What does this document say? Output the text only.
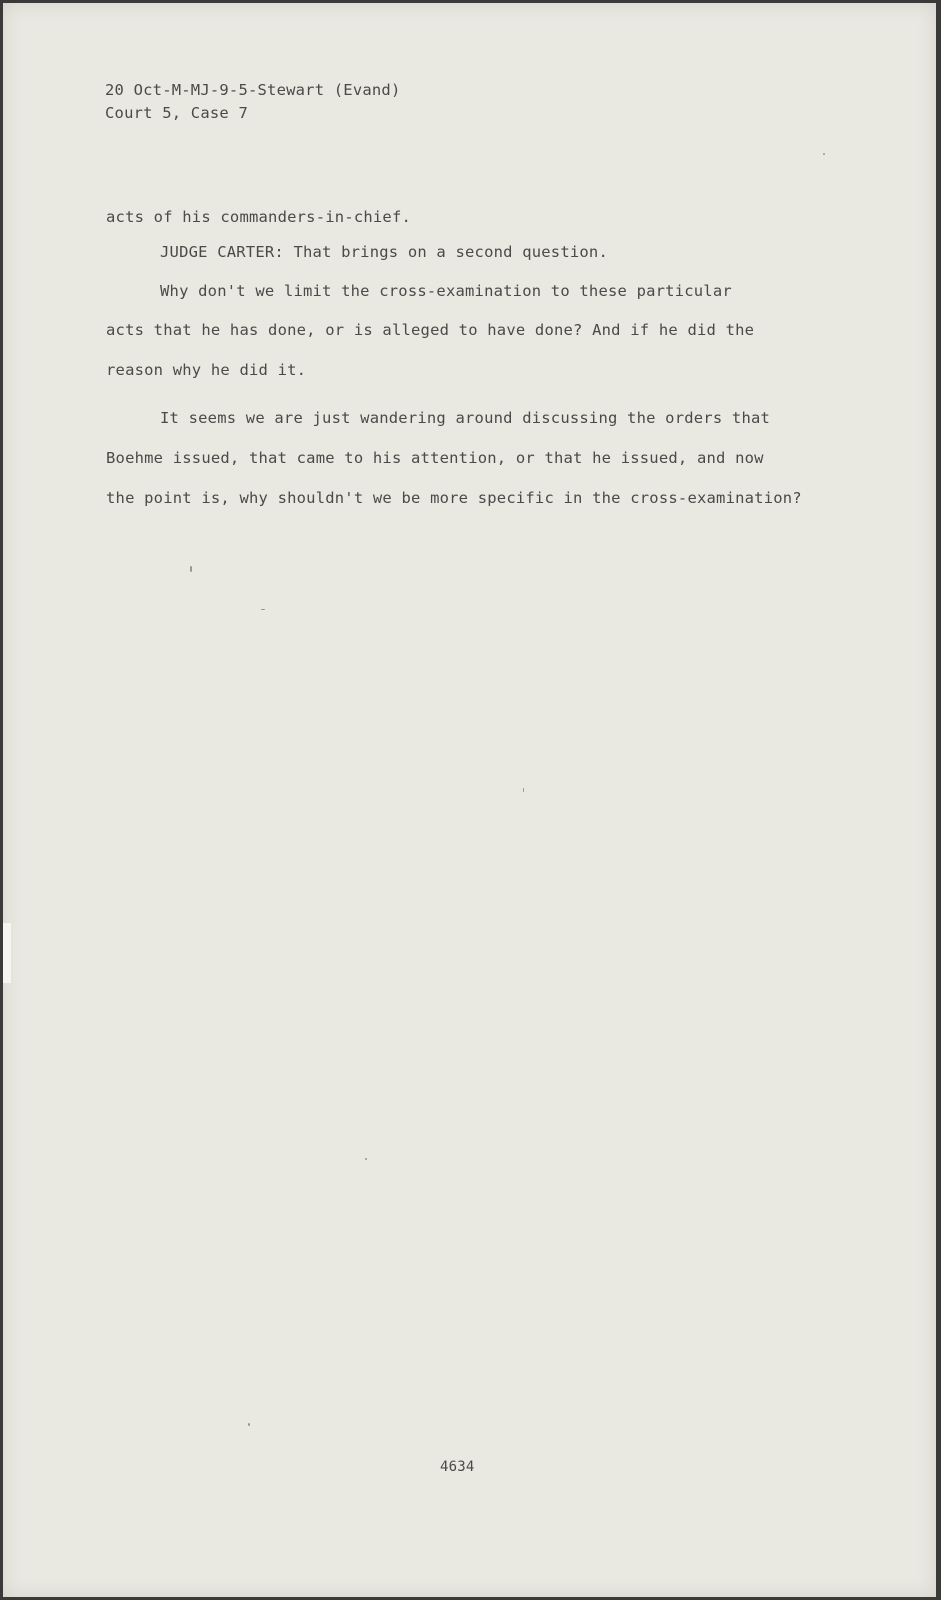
20 Oct-M-MJ-9-5-Stewart (Evand)
Court 5, Case 7
acts of his commanders-in-chief.
JUDGE CARTER: That brings on a second question.
Why don't we limit the cross-examination to these particular
acts that he has done, or is alleged to have done? And if he did the
reason why he did it.
It seems we are just wandering around discussing the orders that
Boehme issued, that came to his attention, or that he issued, and now
the point is, why shouldn't we be more specific in the cross-examination?
4634
